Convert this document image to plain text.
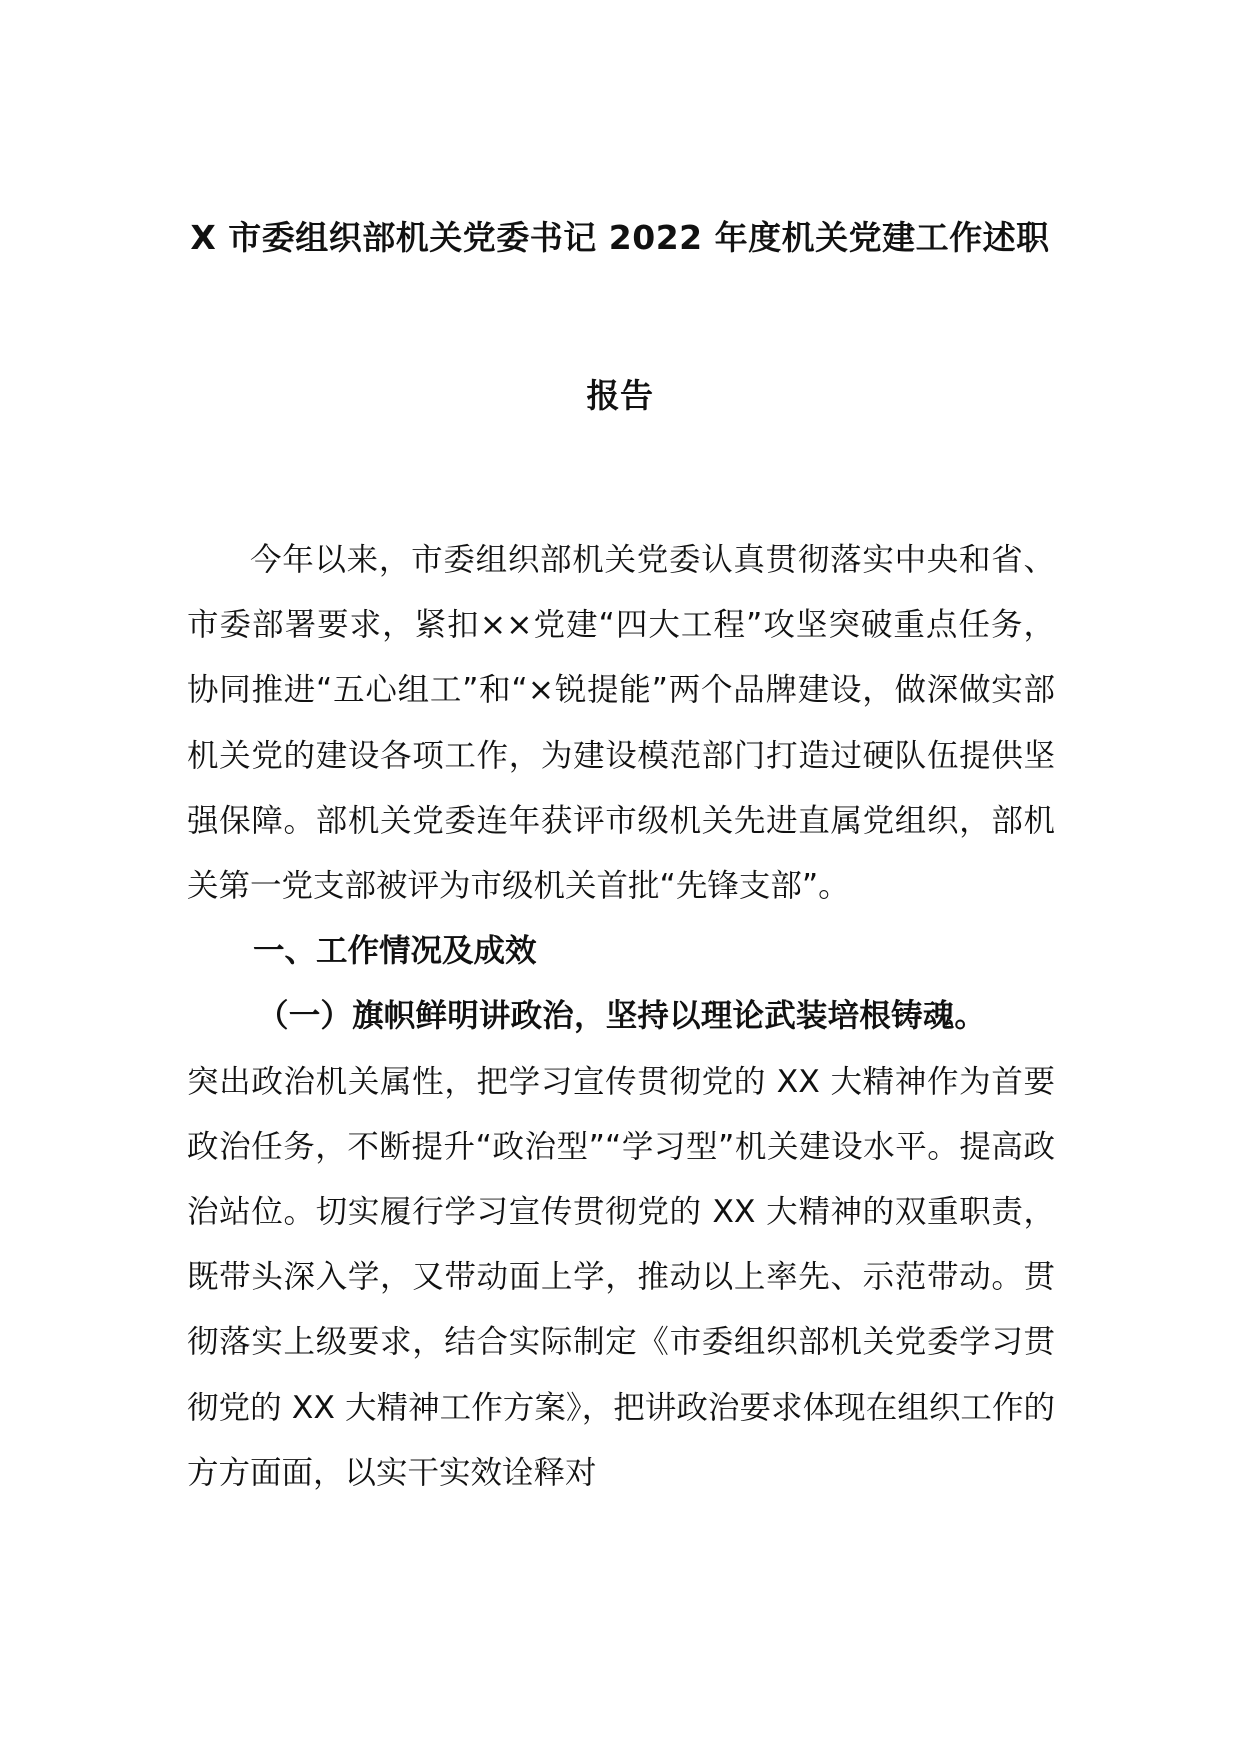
X 市委组织部机关党委书记 2022 年度机关党建工作述职
报告

今年以来，市委组织部机关党委认真贯彻落实中央和省、市委部署要求，紧扣××党建“四大工程”攻坚突破重点任务，协同推进“五心组工”和“×锐提能”两个品牌建设，做深做实部机关党的建设各项工作，为建设模范部门打造过硬队伍提供坚强保障。部机关党委连年获评市级机关先进直属党组织，部机关第一党支部被评为市级机关首批“先锋支部”。

一、工作情况及成效

（一）旗帜鲜明讲政治，坚持以理论武装培根铸魂。

突出政治机关属性，把学习宣传贯彻党的 XX 大精神作为首要政治任务，不断提升“政治型”“学习型”机关建设水平。提高政治站位。切实履行学习宣传贯彻党的 XX 大精神的双重职责，既带头深入学，又带动面上学，推动以上率先、示范带动。贯彻落实上级要求，结合实际制定《市委组织部机关党委学习贯彻党的 XX 大精神工作方案》，把讲政治要求体现在组织工作的方方面面，以实干实效诠释对
